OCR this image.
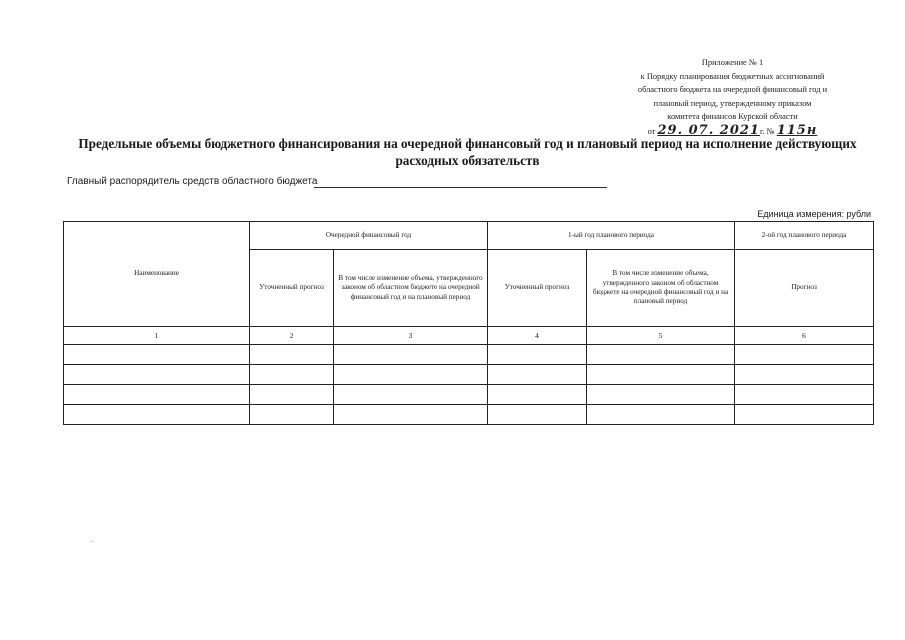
Приложение № 1
к Порядку планирования бюджетных ассигнований
областного бюджета на очередной финансовый год и
плановый период, утвержденному приказом
комитета финансов Курской области
от 29. 07. 2021г. № 115н
Предельные объемы бюджетного финансирования на очередной финансовый год и плановый период на исполнение действующих
расходных обязательств
Главный распорядитель средств областного бюджета
Единица измерения: рубли
Наименование	Очередной финансовый год		1-ый год планового периода		2-ой год планового периода
	Уточненный прогноз	В том числе изменение объема, утвержденного законом об областном бюджете на очередной финансовый год и на плановый период	Уточненный прогноз	В том числе изменение объема, утвержденного законом об областном бюджете на очередной финансовый год и на плановый период	Прогноз
1	2	3	4	5	6
